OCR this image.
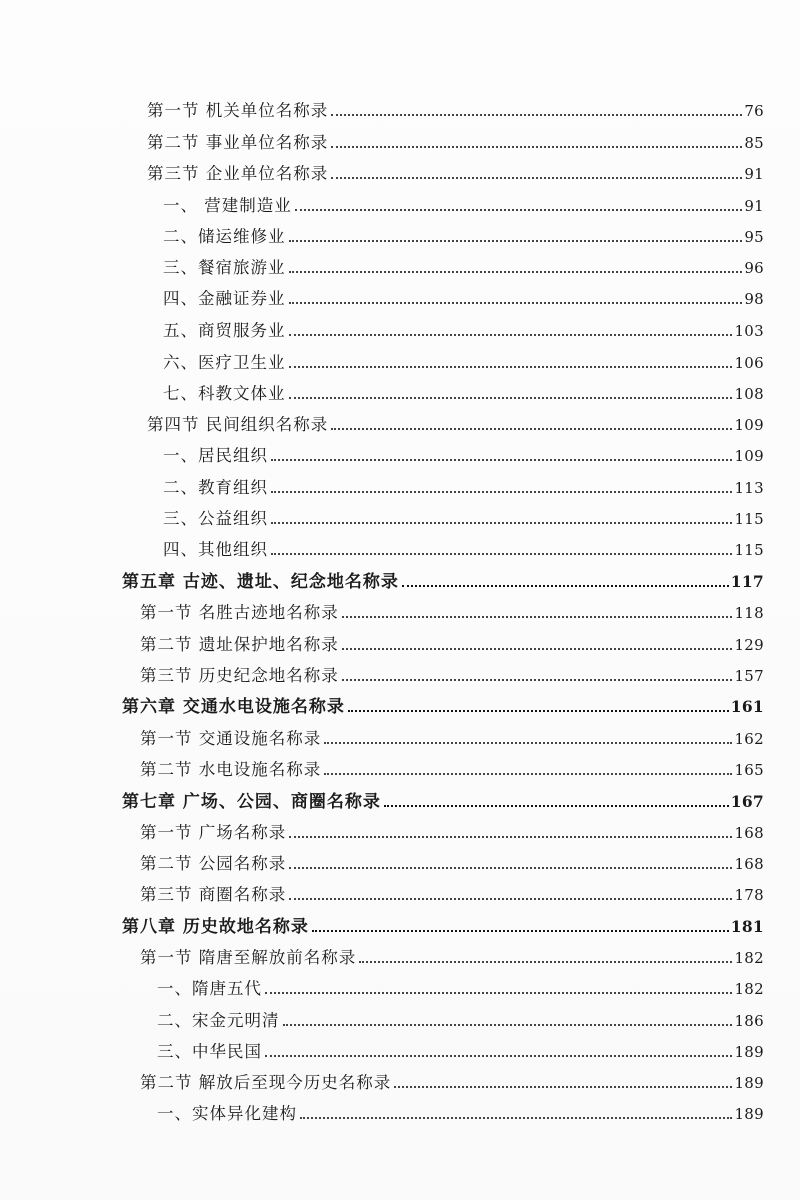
第一节 机关单位名称录	76
第二节 事业单位名称录	85
第三节 企业单位名称录	91
一、 营建制造业	91
二、储运维修业	95
三、餐宿旅游业	96
四、金融证券业	98
五、商贸服务业	103
六、医疗卫生业	106
七、科教文体业	108
第四节 民间组织名称录	109
一、居民组织	109
二、教育组织	113
三、公益组织	115
四、其他组织	115
第五章 古迹、遗址、纪念地名称录	117
第一节 名胜古迹地名称录	118
第二节 遗址保护地名称录	129
第三节 历史纪念地名称录	157
第六章 交通水电设施名称录	161
第一节 交通设施名称录	162
第二节 水电设施名称录	165
第七章 广场、公园、商圈名称录	167
第一节 广场名称录	168
第二节 公园名称录	168
第三节 商圈名称录	178
第八章 历史故地名称录	181
第一节 隋唐至解放前名称录	182
一、隋唐五代	182
二、宋金元明清	186
三、中华民国	189
第二节 解放后至现今历史名称录	189
一、实体异化建构	189
